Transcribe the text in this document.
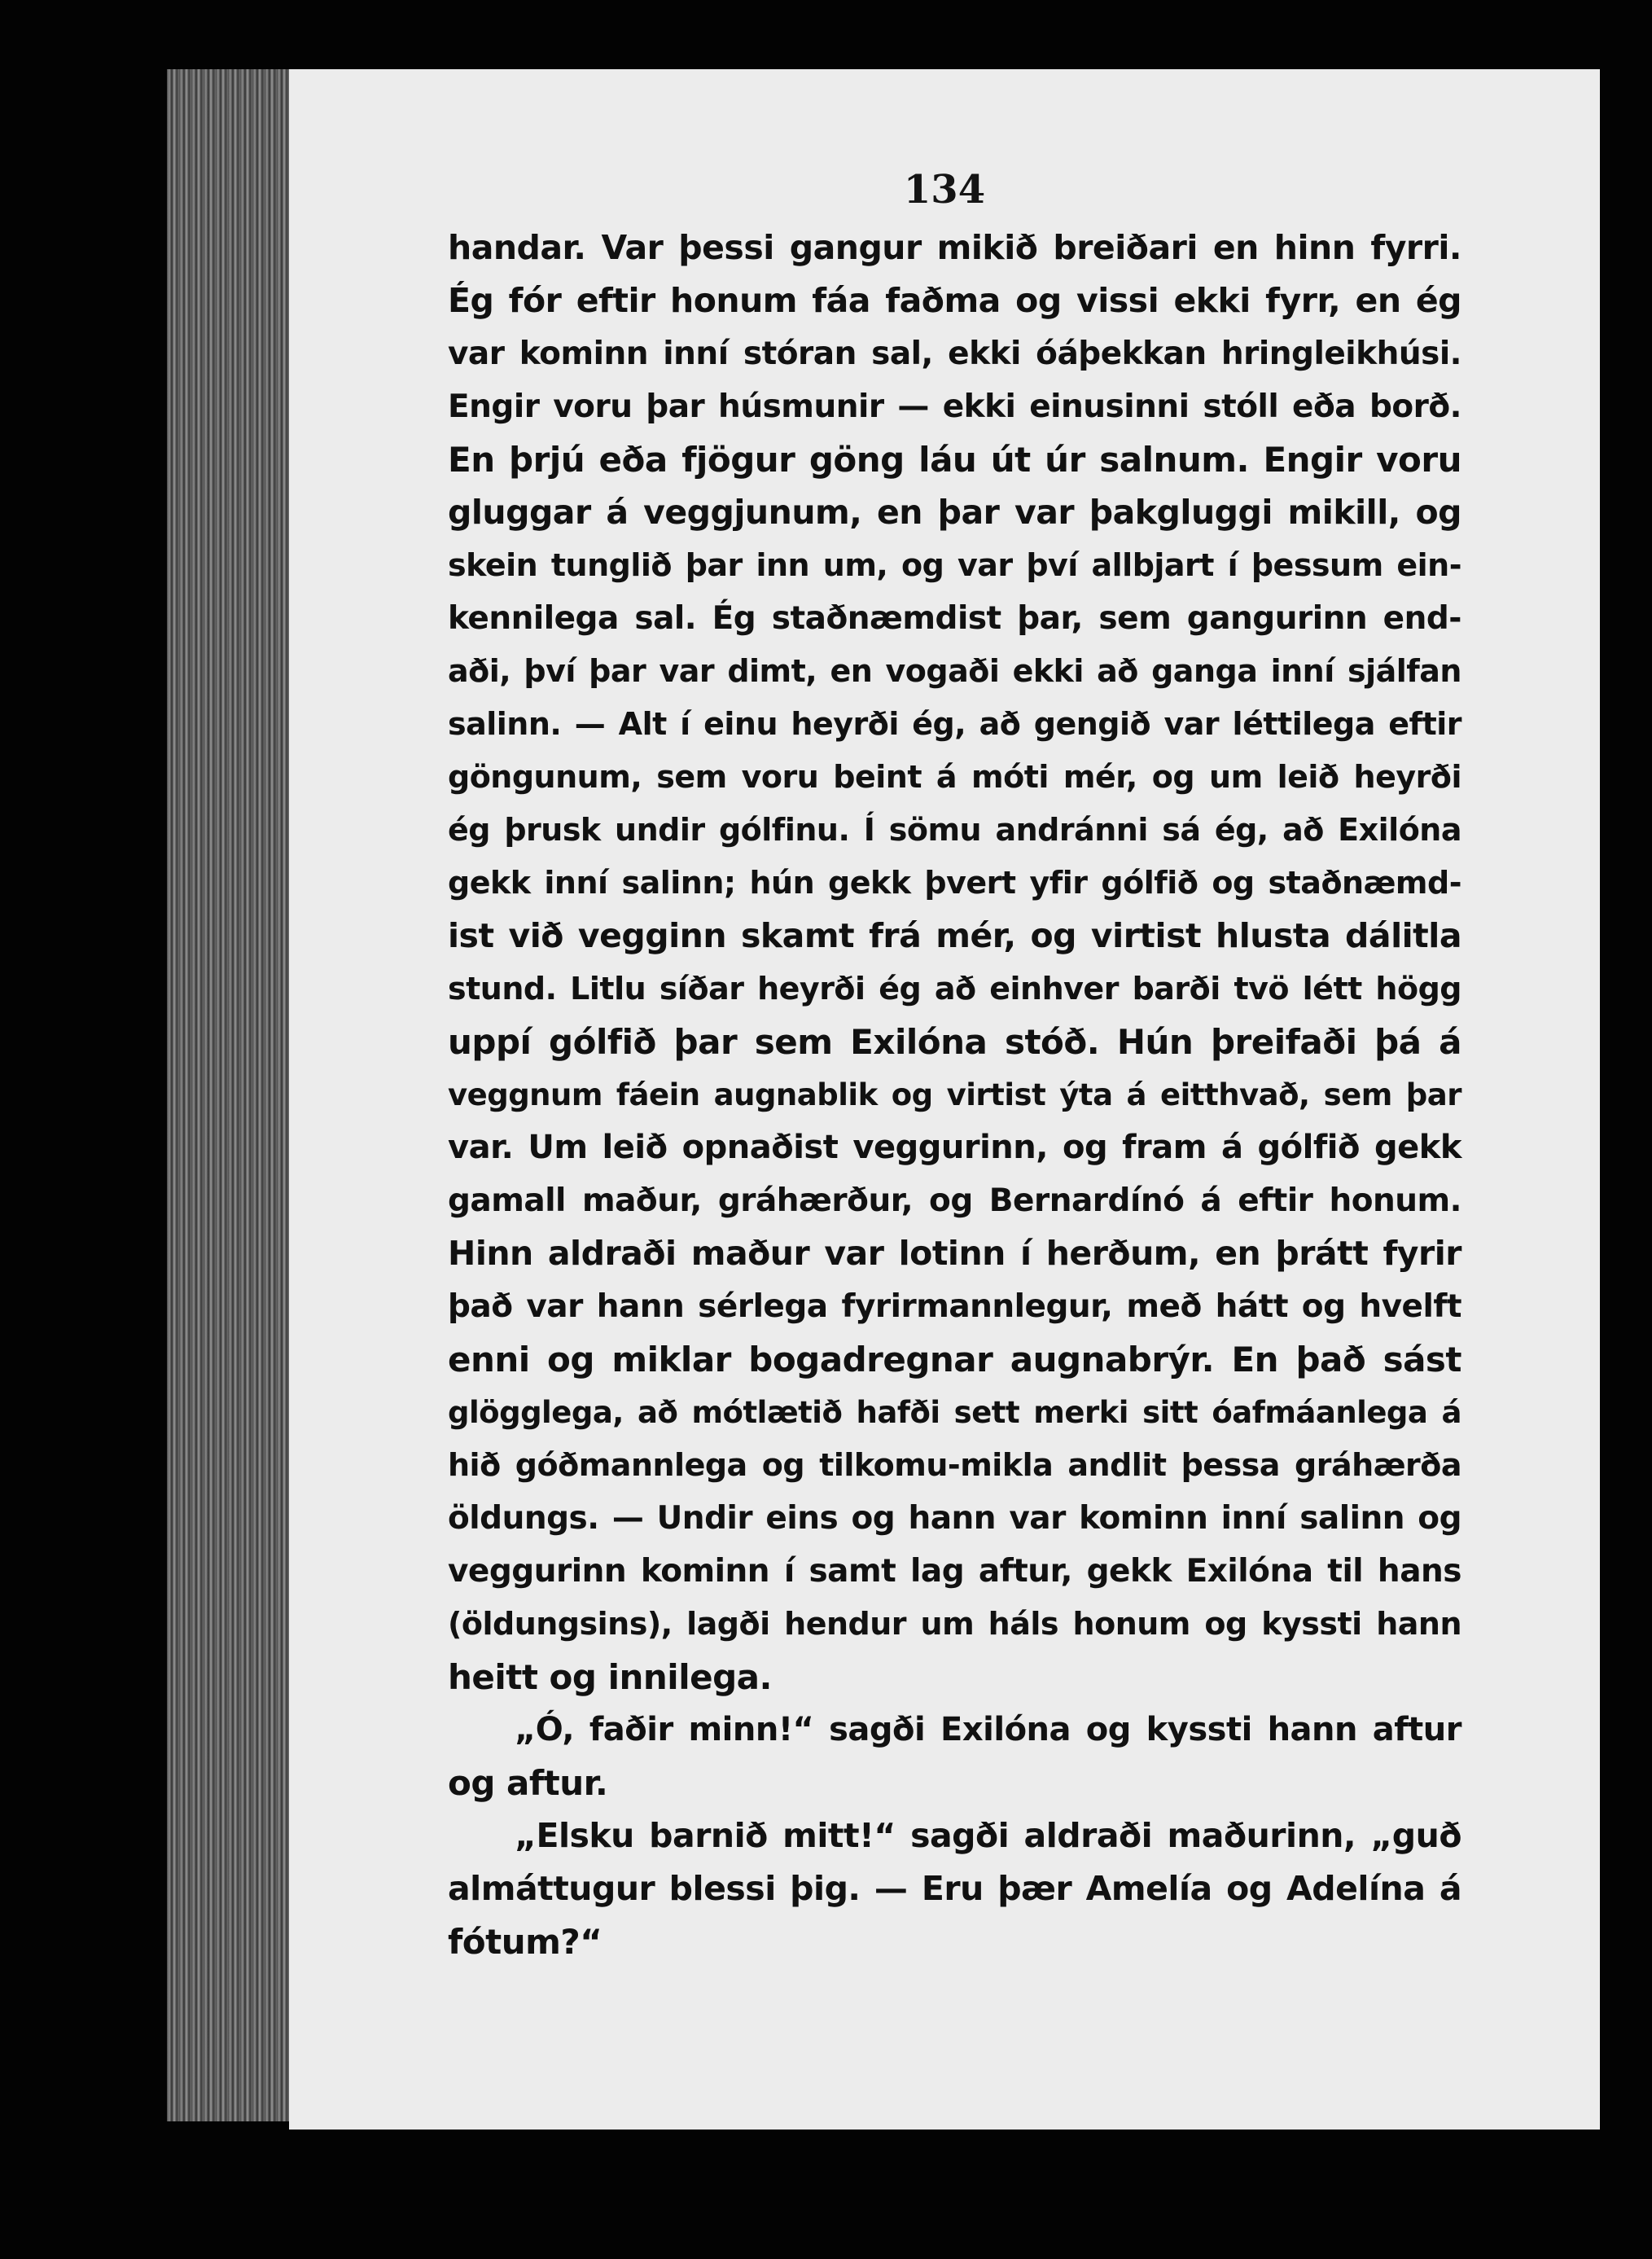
134
handar. Var þessi gangur mikið breiðari en hinn fyrri.
Ég fór eftir honum fáa faðma og vissi ekki fyrr, en ég
var kominn inní stóran sal, ekki óáþekkan hringleikhúsi.
Engir voru þar húsmunir — ekki einusinni stóll eða borð.
En þrjú eða fjögur göng láu út úr salnum. Engir voru
gluggar á veggjunum, en þar var þakgluggi mikill, og
skein tunglið þar inn um, og var því allbjart í þessum ein-
kennilega sal. Ég staðnæmdist þar, sem gangurinn end-
aði, því þar var dimt, en vogaði ekki að ganga inní sjálfan
salinn. — Alt í einu heyrði ég, að gengið var léttilega eftir
göngunum, sem voru beint á móti mér, og um leið heyrði
ég þrusk undir gólfinu. Í sömu andránni sá ég, að Exilóna
gekk inní salinn; hún gekk þvert yfir gólfið og staðnæmd-
ist við vegginn skamt frá mér, og virtist hlusta dálitla
stund. Litlu síðar heyrði ég að einhver barði tvö létt högg
uppí gólfið þar sem Exilóna stóð. Hún þreifaði þá á
veggnum fáein augnablik og virtist ýta á eitthvað, sem þar
var. Um leið opnaðist veggurinn, og fram á gólfið gekk
gamall maður, gráhærður, og Bernardínó á eftir honum.
Hinn aldraði maður var lotinn í herðum, en þrátt fyrir
það var hann sérlega fyrirmannlegur, með hátt og hvelft
enni og miklar bogadregnar augnabrýr. En það sást
glögglega, að mótlætið hafði sett merki sitt óafmáanlega á
hið góðmannlega og tilkomu-mikla andlit þessa gráhærða
öldungs. — Undir eins og hann var kominn inní salinn og
veggurinn kominn í samt lag aftur, gekk Exilóna til hans
(öldungsins), lagði hendur um háls honum og kyssti hann
heitt og innilega.
„Ó, faðir minn!“ sagði Exilóna og kyssti hann aftur
og aftur.
„Elsku barnið mitt!“ sagði aldraði maðurinn, „guð
almáttugur blessi þig. — Eru þær Amelía og Adelína á
fótum?“
